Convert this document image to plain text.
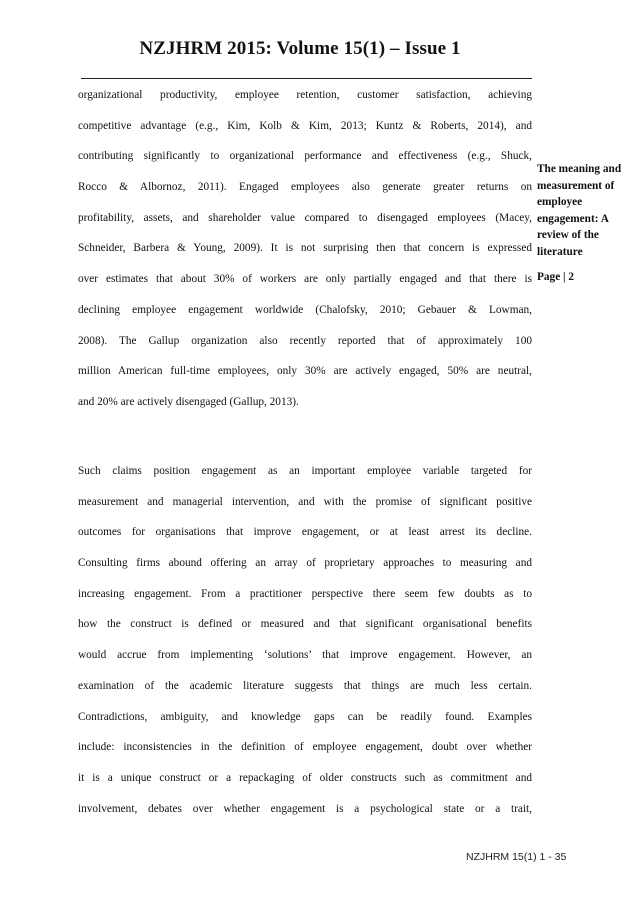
NZJHRM 2015: Volume 15(1) – Issue 1
organizational productivity, employee retention, customer satisfaction, achieving
competitive advantage (e.g., Kim, Kolb & Kim, 2013; Kuntz & Roberts, 2014), and
contributing significantly to organizational performance and effectiveness (e.g., Shuck,
Rocco & Albornoz, 2011). Engaged employees also generate greater returns on
profitability, assets, and shareholder value compared to disengaged employees (Macey,
Schneider, Barbera & Young, 2009). It is not surprising then that concern is expressed
over estimates that about 30% of workers are only partially engaged and that there is
declining employee engagement worldwide (Chalofsky, 2010; Gebauer & Lowman,
2008). The Gallup organization also recently reported that of approximately 100
million American full-time employees, only 30% are actively engaged, 50% are neutral,
and 20% are actively disengaged (Gallup, 2013).
Such claims position engagement as an important employee variable targeted for
measurement and managerial intervention, and with the promise of significant positive
outcomes for organisations that improve engagement, or at least arrest its decline.
Consulting firms abound offering an array of proprietary approaches to measuring and
increasing engagement. From a practitioner perspective there seem few doubts as to
how the construct is defined or measured and that significant organisational benefits
would accrue from implementing ‘solutions’ that improve engagement. However, an
examination of the academic literature suggests that things are much less certain.
Contradictions, ambiguity, and knowledge gaps can be readily found. Examples
include: inconsistencies in the definition of employee engagement, doubt over whether
it is a unique construct or a repackaging of older constructs such as commitment and
involvement, debates over whether engagement is a psychological state or a trait,
The meaning and
measurement of
employee
engagement: A
review of the
literature
Page | 2
NZJHRM 15(1) 1 - 35
